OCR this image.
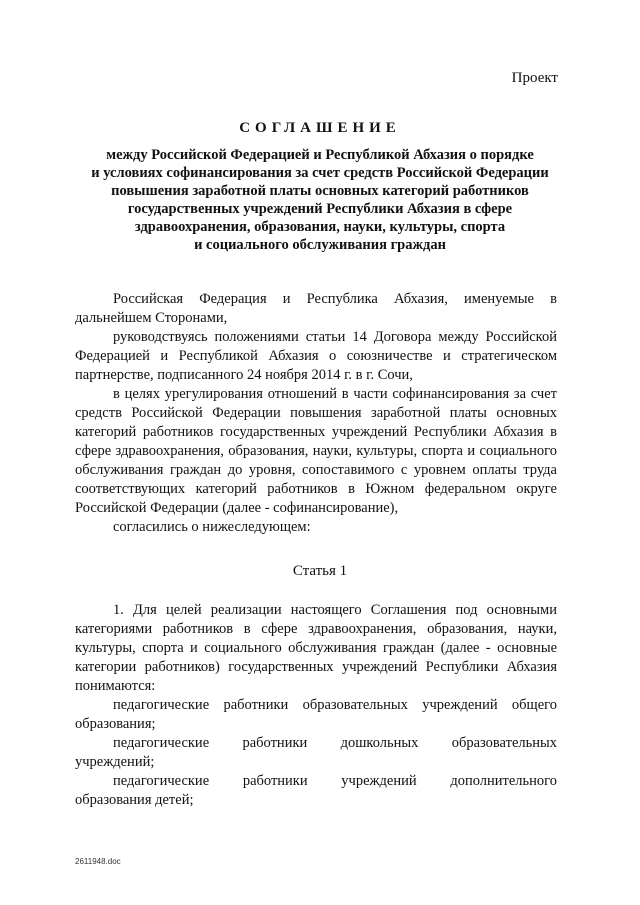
Проект
СОГЛАШЕНИЕ
между Российской Федерацией и Республикой Абхазия о порядке
и условиях софинансирования за счет средств Российской Федерации
повышения заработной платы основных категорий работников
государственных учреждений Республики Абхазия в сфере
здравоохранения, образования, науки, культуры, спорта
и социального обслуживания граждан

Российская Федерация и Республика Абхазия, именуемые в дальнейшем Сторонами,

руководствуясь положениями статьи 14 Договора между Российской Федерацией и Республикой Абхазия о союзничестве и стратегическом партнерстве, подписанного 24 ноября 2014 г. в г. Сочи,

в целях урегулирования отношений в части софинансирования за счет средств Российской Федерации повышения заработной платы основных категорий работников государственных учреждений Республики Абхазия в сфере здравоохранения, образования, науки, культуры, спорта и социального обслуживания граждан до уровня, сопоставимого с уровнем оплаты труда соответствующих категорий работников в Южном федеральном округе Российской Федерации (далее - софинансирование),

согласились о нижеследующем:

Статья 1

1. Для целей реализации настоящего Соглашения под основными категориями работников в сфере здравоохранения, образования, науки, культуры, спорта и социального обслуживания граждан (далее - основные категории работников) государственных учреждений Республики Абхазия понимаются:

педагогические работники образовательных учреждений общего

образования;

педагогические работники дошкольных образовательных

учреждений;

педагогические работники учреждений дополнительного

образования детей;

2611948.doc
